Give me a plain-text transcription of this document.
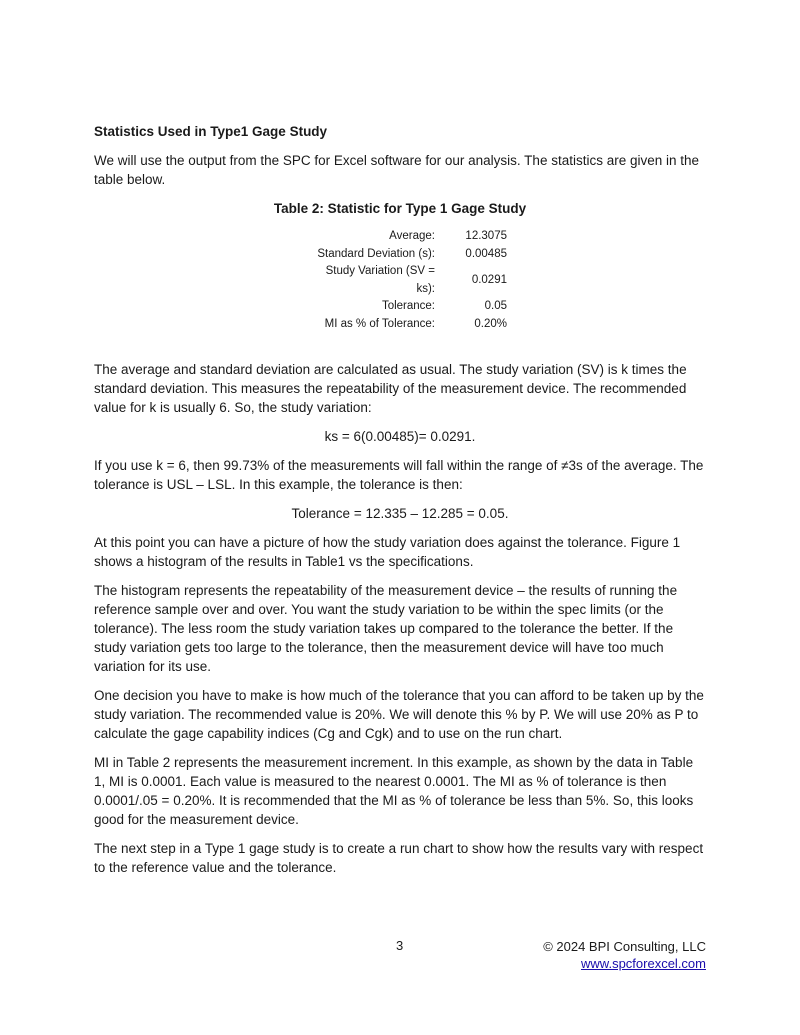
Statistics Used in Type1 Gage Study

We will use the output from the SPC for Excel software for our analysis. The statistics are given in the table below.

Table 2: Statistic for Type 1 Gage Study
Average:	12.3075
Standard Deviation (s):	0.00485
Study Variation (SV = ks):	0.0291
Tolerance:	0.05
MI as % of Tolerance:	0.20%

The average and standard deviation are calculated as usual. The study variation (SV) is k times the standard deviation. This measures the repeatability of the measurement device. The recommended value for k is usually 6. So, the study variation:

ks = 6(0.00485)= 0.0291.

If you use k = 6, then 99.73% of the measurements will fall within the range of ≠3s of the average. The tolerance is USL – LSL. In this example, the tolerance is then:

Tolerance = 12.335 – 12.285 = 0.05.

At this point you can have a picture of how the study variation does against the tolerance. Figure 1 shows a histogram of the results in Table1 vs the specifications.

The histogram represents the repeatability of the measurement device – the results of running the reference sample over and over. You want the study variation to be within the spec limits (or the tolerance). The less room the study variation takes up compared to the tolerance the better. If the study variation gets too large to the tolerance, then the measurement device will have too much variation for its use.

One decision you have to make is how much of the tolerance that you can afford to be taken up by the study variation. The recommended value is 20%. We will denote this % by P. We will use 20% as P to calculate the gage capability indices (Cg and Cgk) and to use on the run chart.

MI in Table 2 represents the measurement increment. In this example, as shown by the data in Table 1, MI is 0.0001. Each value is measured to the nearest 0.0001. The MI as % of tolerance is then 0.0001/.05 = 0.20%. It is recommended that the MI as % of tolerance be less than 5%. So, this looks good for the measurement device.

The next step in a Type 1 gage study is to create a run chart to show how the results vary with respect to the reference value and the tolerance.

3	© 2024 BPI Consulting, LLC
www.spcforexcel.com
